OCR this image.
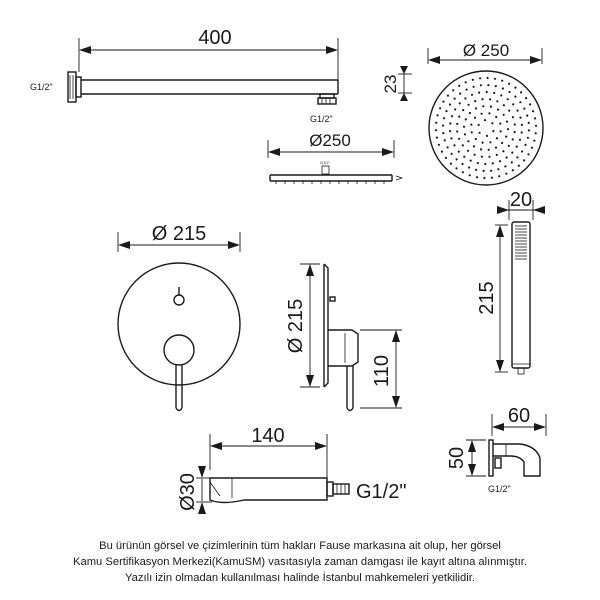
400
G1/2"
G1/2"
Ø250
G1/2"
Ø 250
23
20
215
Ø 215
Ø 215
110
140
Ø30	G1/2"
60
50
G1/2"
Bu ürünün görsel ve çizimlerinin tüm hakları Fause markasına ait olup, her görsel
Kamu Sertifikasyon Merkezi(KamuSM) vasıtasıyla zaman damgası ile kayıt altına alınmıştır.
Yazılı izin olmadan kullanılması halinde İstanbul mahkemeleri yetkilidir.
